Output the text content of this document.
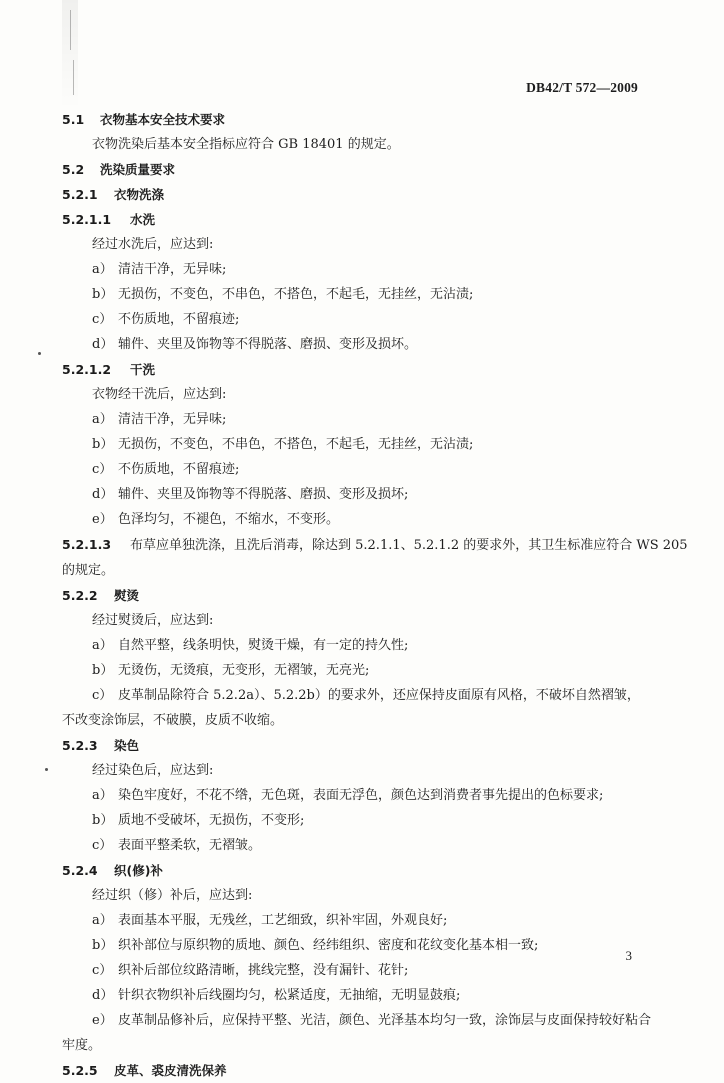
DB42/T 572—2009
5.1 衣物基本安全技术要求
衣物洗染后基本安全指标应符合 GB 18401 的规定。
5.2 洗染质量要求
5.2.1 衣物洗涤
5.2.1.1 水洗
经过水洗后，应达到:
a） 清洁干净，无异味;
b） 无损伤，不变色，不串色，不搭色，不起毛，无挂丝，无沾渍;
c） 不伤质地，不留痕迹;
d） 辅件、夹里及饰物等不得脱落、磨损、变形及损坏。
5.2.1.2 干洗
衣物经干洗后，应达到:
a） 清洁干净，无异味;
b） 无损伤，不变色，不串色，不搭色，不起毛，无挂丝，无沾渍;
c） 不伤质地，不留痕迹;
d） 辅件、夹里及饰物等不得脱落、磨损、变形及损坏;
e） 色泽均匀，不褪色，不缩水，不变形。
5.2.1.3 布草应单独洗涤，且洗后消毒，除达到 5.2.1.1、5.2.1.2 的要求外，其卫生标准应符合 WS 205
的规定。
5.2.2 熨烫
经过熨烫后，应达到:
a） 自然平整，线条明快，熨烫干燥，有一定的持久性;
b） 无烫伤，无烫痕，无变形，无褶皱，无亮光;
c） 皮革制品除符合 5.2.2a）、5.2.2b）的要求外，还应保持皮面原有风格，不破坏自然褶皱，
不改变涂饰层，不破膜，皮质不收缩。
5.2.3 染色
经过染色后，应达到:
a） 染色牢度好，不花不绺，无色斑，表面无浮色，颜色达到消费者事先提出的色标要求;
b） 质地不受破坏，无损伤，不变形;
c） 表面平整柔软，无褶皱。
5.2.4 织(修)补
经过织（修）补后，应达到:
a） 表面基本平服，无残丝，工艺细致，织补牢固，外观良好;
b） 织补部位与原织物的质地、颜色、经纬组织、密度和花纹变化基本相一致;
c） 织补后部位纹路清晰，挑线完整，没有漏针、花针;
d） 针织衣物织补后线圈均匀，松紧适度，无抽缩，无明显鼓痕;
e） 皮革制品修补后，应保持平整、光洁，颜色、光泽基本均匀一致，涂饰层与皮面保持较好粘合
牢度。
5.2.5 皮革、裘皮清洗保养
3
